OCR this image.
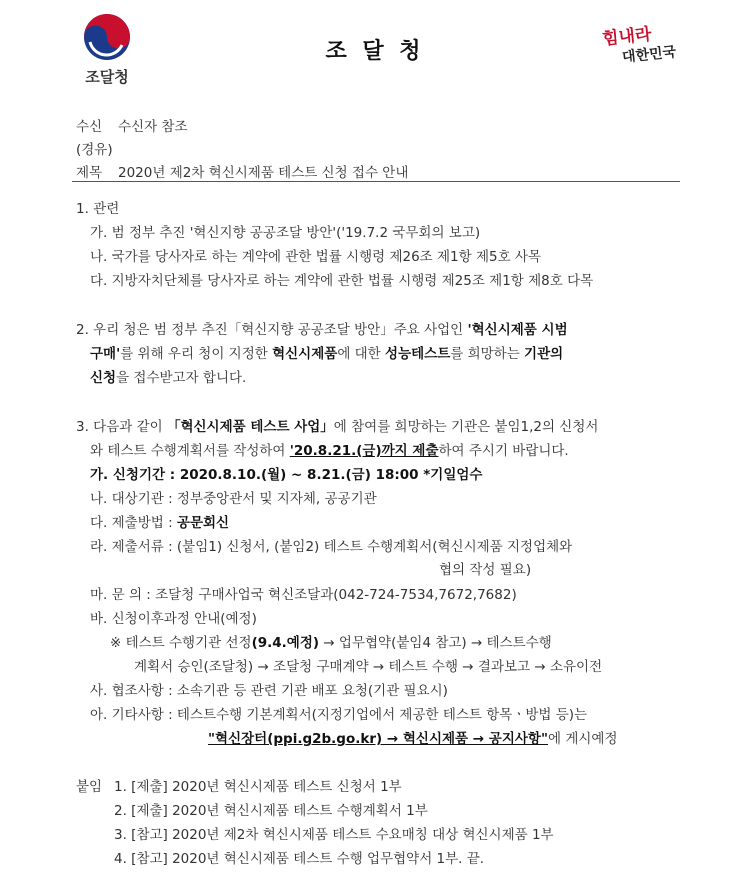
조달청
조 달 청
힘내라
대한민국
수신 수신자 참조
(경유)
제목 2020년 제2차 혁신시제품 테스트 신청 접수 안내
1. 관련
가. 범 정부 추진 '혁신지향 공공조달 방안'('19.7.2 국무회의 보고)
나. 국가를 당사자로 하는 계약에 관한 법률 시행령 제26조 제1항 제5호 사목
다. 지방자치단체를 당사자로 하는 계약에 관한 법률 시행령 제25조 제1항 제8호 다목
2. 우리 청은 범 정부 추진「혁신지향 공공조달 방안」주요 사업인 '혁신시제품 시범
구매'를 위해 우리 청이 지정한 혁신시제품에 대한 성능테스트를 희망하는 기관의
신청을 접수받고자 합니다.
3. 다음과 같이 「혁신시제품 테스트 사업」에 참여를 희망하는 기관은 붙임1,2의 신청서
와 테스트 수행계획서를 작성하여 '20.8.21.(금)까지 제출하여 주시기 바랍니다.
가. 신청기간 : 2020.8.10.(월) ~ 8.21.(금) 18:00 *기일엄수
나. 대상기관 : 정부중앙관서 및 지자체, 공공기관
다. 제출방법 : 공문회신
라. 제출서류 : (붙임1) 신청서, (붙임2) 테스트 수행계획서(혁신시제품 지정업체와
협의 작성 필요)
마. 문 의 : 조달청 구매사업국 혁신조달과(042-724-7534,7672,7682)
바. 신청이후과정 안내(예정)
※ 테스트 수행기관 선정(9.4.예정) → 업무협약(붙임4 참고) → 테스트수행
계획서 승인(조달청) → 조달청 구매계약 → 테스트 수행 → 결과보고 → 소유이전
사. 협조사항 : 소속기관 등 관련 기관 배포 요청(기관 필요시)
아. 기타사항 : 테스트수행 기본계획서(지정기업에서 제공한 테스트 항목ㆍ방법 등)는
"혁신장터(ppi.g2b.go.kr) → 혁신시제품 → 공지사항"에 게시예정
붙임 1. [제출] 2020년 혁신시제품 테스트 신청서 1부
2. [제출] 2020년 혁신시제품 테스트 수행계획서 1부
3. [참고] 2020년 제2차 혁신시제품 테스트 수요매칭 대상 혁신시제품 1부
4. [참고] 2020년 혁신시제품 테스트 수행 업무협약서 1부. 끝.
